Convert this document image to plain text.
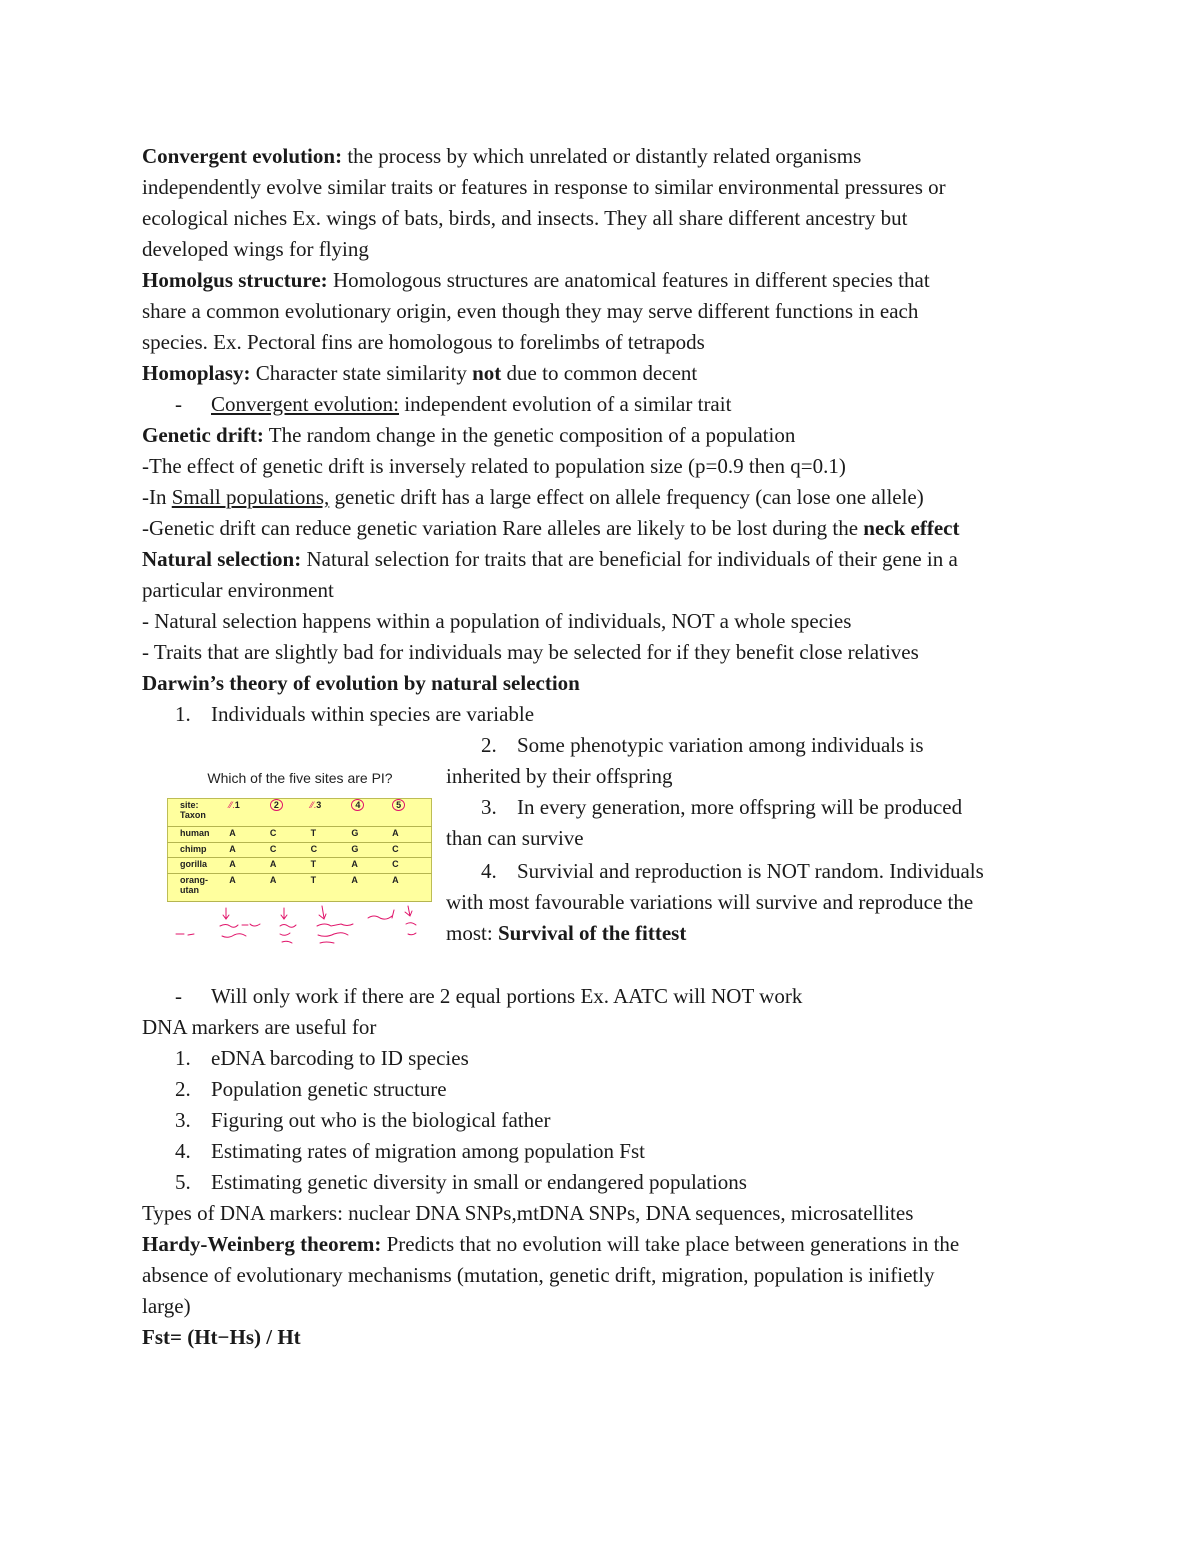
Convergent evolution: the process by which unrelated or distantly related organisms
independently evolve similar traits or features in response to similar environmental pressures or
ecological niches Ex. wings of bats, birds, and insects. They all share different ancestry but
developed wings for flying
Homolgus structure: Homologous structures are anatomical features in different species that
share a common evolutionary origin, even though they may serve different functions in each
species. Ex. Pectoral fins are homologous to forelimbs of tetrapods
Homoplasy: Character state similarity not due to common decent
- Convergent evolution: independent evolution of a similar trait
Genetic drift: The random change in the genetic composition of a population
-The effect of genetic drift is inversely related to population size (p=0.9 then q=0.1)
-In Small populations, genetic drift has a large effect on allele frequency (can lose one allele)
-Genetic drift can reduce genetic variation Rare alleles are likely to be lost during the neck effect
Natural selection: Natural selection for traits that are beneficial for individuals of their gene in a
particular environment
- Natural selection happens within a population of individuals, NOT a whole species
- Traits that are slightly bad for individuals may be selected for if they benefit close relatives
Darwin’s theory of evolution by natural selection
1. Individuals within species are variable
2. Some phenotypic variation among individuals is
inherited by their offspring
3. In every generation, more offspring will be produced
than can survive
4. Survivial and reproduction is NOT random. Individuals
with most favourable variations will survive and reproduce the
most: Survival of the fittest
Which of the five sites are PI?
site:
Taxon	⁄⁄.1	2	⁄⁄.3	4	5
human	A	C	T	G	A
chimp	A	C	C	G	C
gorilla	A	A	T	A	C
orang-
utan	A	A	T	A	A
- Will only work if there are 2 equal portions Ex. AATC will NOT work
DNA markers are useful for
1. eDNA barcoding to ID species
2. Population genetic structure
3. Figuring out who is the biological father
4. Estimating rates of migration among population Fst
5. Estimating genetic diversity in small or endangered populations
Types of DNA markers: nuclear DNA SNPs,mtDNA SNPs, DNA sequences, microsatellites
Hardy-Weinberg theorem: Predicts that no evolution will take place between generations in the
absence of evolutionary mechanisms (mutation, genetic drift, migration, population is inifietly
large)
Fst= (Ht−Hs) / Ht
